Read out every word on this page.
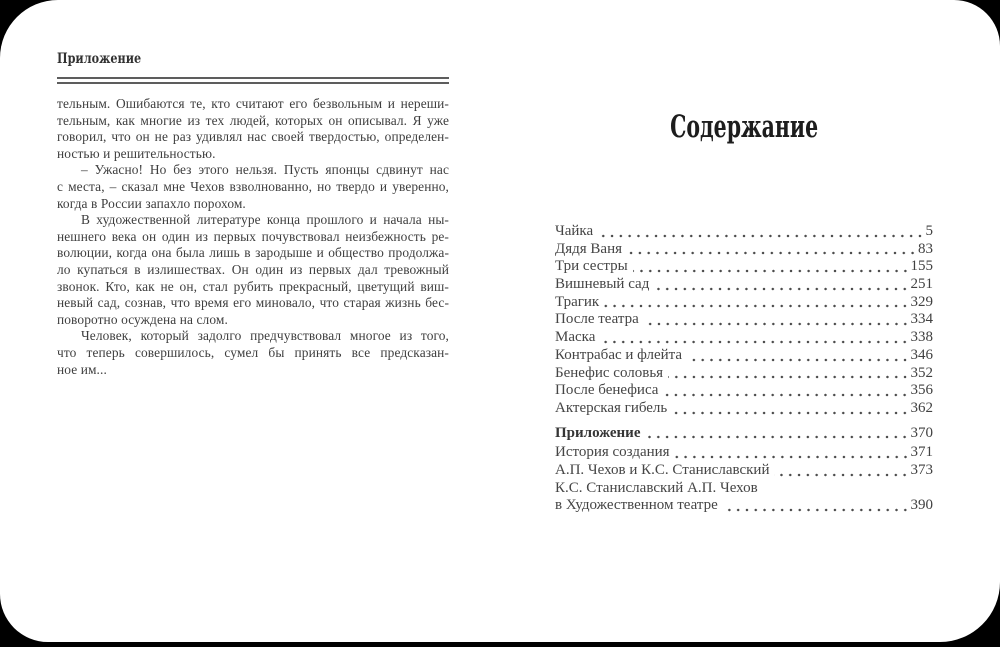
Приложение
тельным. Ошибаются те, кто считают его безвольным и нереши-
тельным, как многие из тех людей, которых он описывал. Я уже
говорил, что он не раз удивлял нас своей твердостью, определен-
ностью и решительностью.
– Ужасно! Но без этого нельзя. Пусть японцы сдвинут нас
с места, – сказал мне Чехов взволнованно, но твердо и уверенно,
когда в России запахло порохом.
В художественной литературе конца прошлого и начала ны-
нешнего века он один из первых почувствовал неизбежность ре-
волюции, когда она была лишь в зародыше и общество продолжа-
ло купаться в излишествах. Он один из первых дал тревожный
звонок. Кто, как не он, стал рубить прекрасный, цветущий виш-
невый сад, сознав, что время его миновало, что старая жизнь бес-
поворотно осуждена на слом.
Человек, который задолго предчувствовал многое из того,
что теперь совершилось, сумел бы принять все предсказан-
ное им...
Содержание
Чайка	5
Дядя Ваня	83
Три сестры	155
Вишневый сад	251
Трагик	329
После театра	334
Маска	338
Контрабас и флейта	346
Бенефис соловья	352
После бенефиса	356
Актерская гибель	362
Приложение	370
История создания	371
А.П. Чехов и К.С. Станиславский	373
К.С. Станиславский А.П. Чехов
в Художественном театре	390
